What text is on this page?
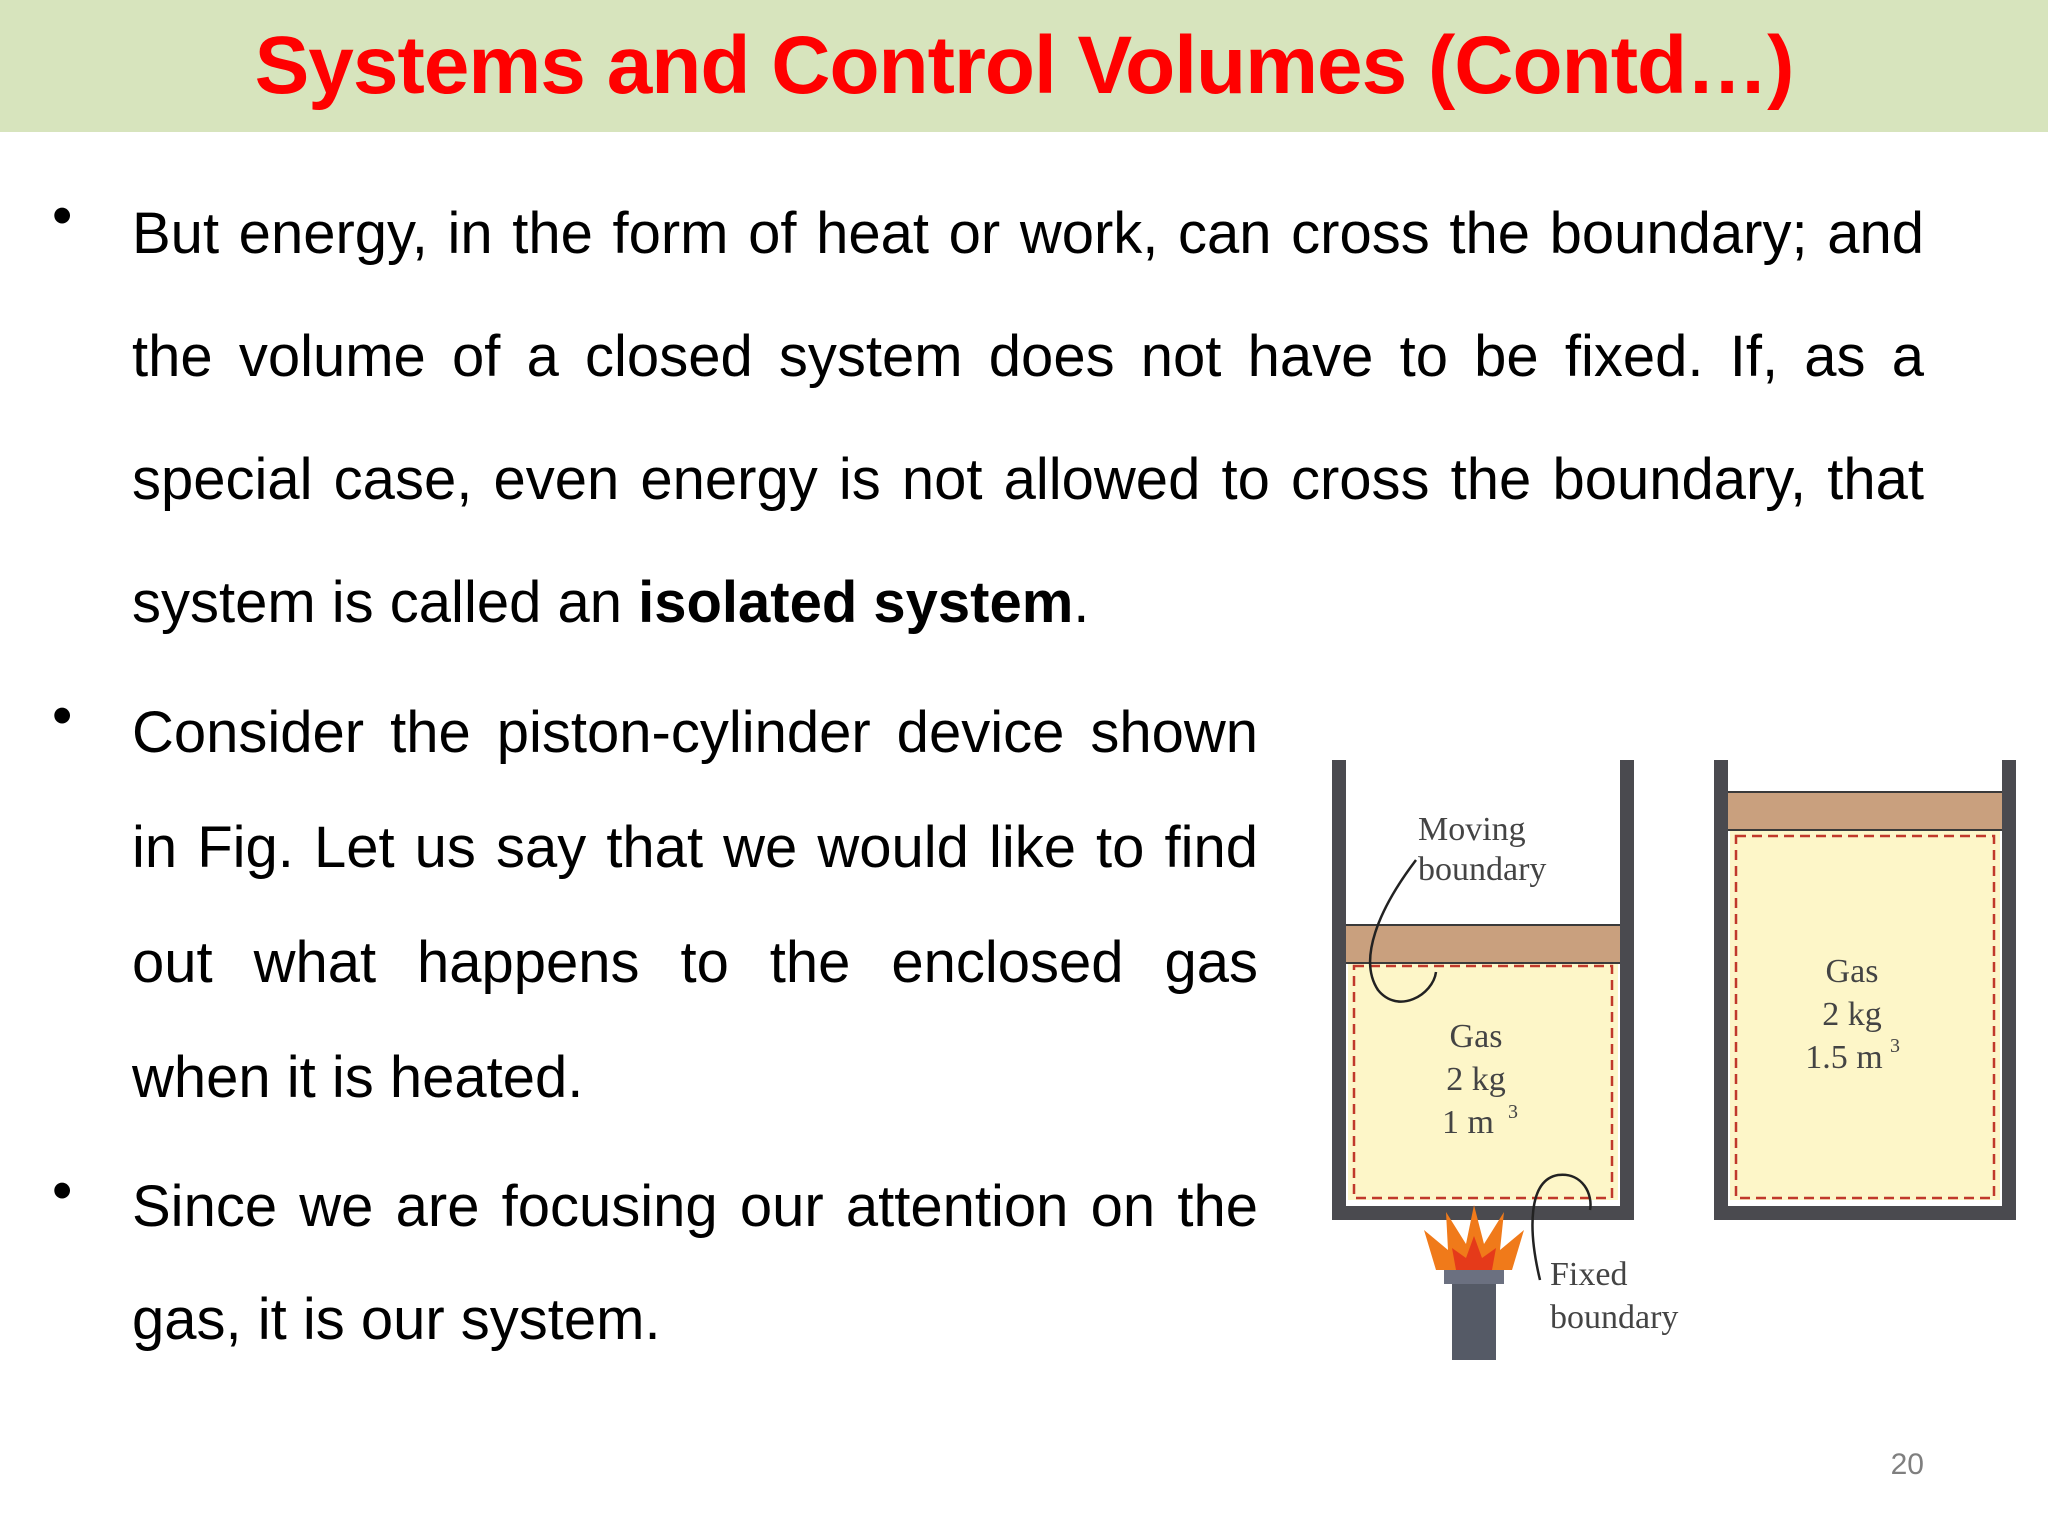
Systems and Control Volumes (Contd…)
• But energy, in the form of heat or work, can cross the boundary; and the volume of a closed system does not have to be fixed. If, as a special case, even energy is not allowed to cross the boundary, that system is called an isolated system.
• Consider the piston-cylinder device shown in Fig. Let us say that we would like to find out what happens to the enclosed gas when it is heated.
• Since we are focusing our attention on the gas, it is our system.
Gas
2 kg
1 m 3
Moving
boundary
Gas
2 kg
1.5 m 3
Fixed
boundary
20
